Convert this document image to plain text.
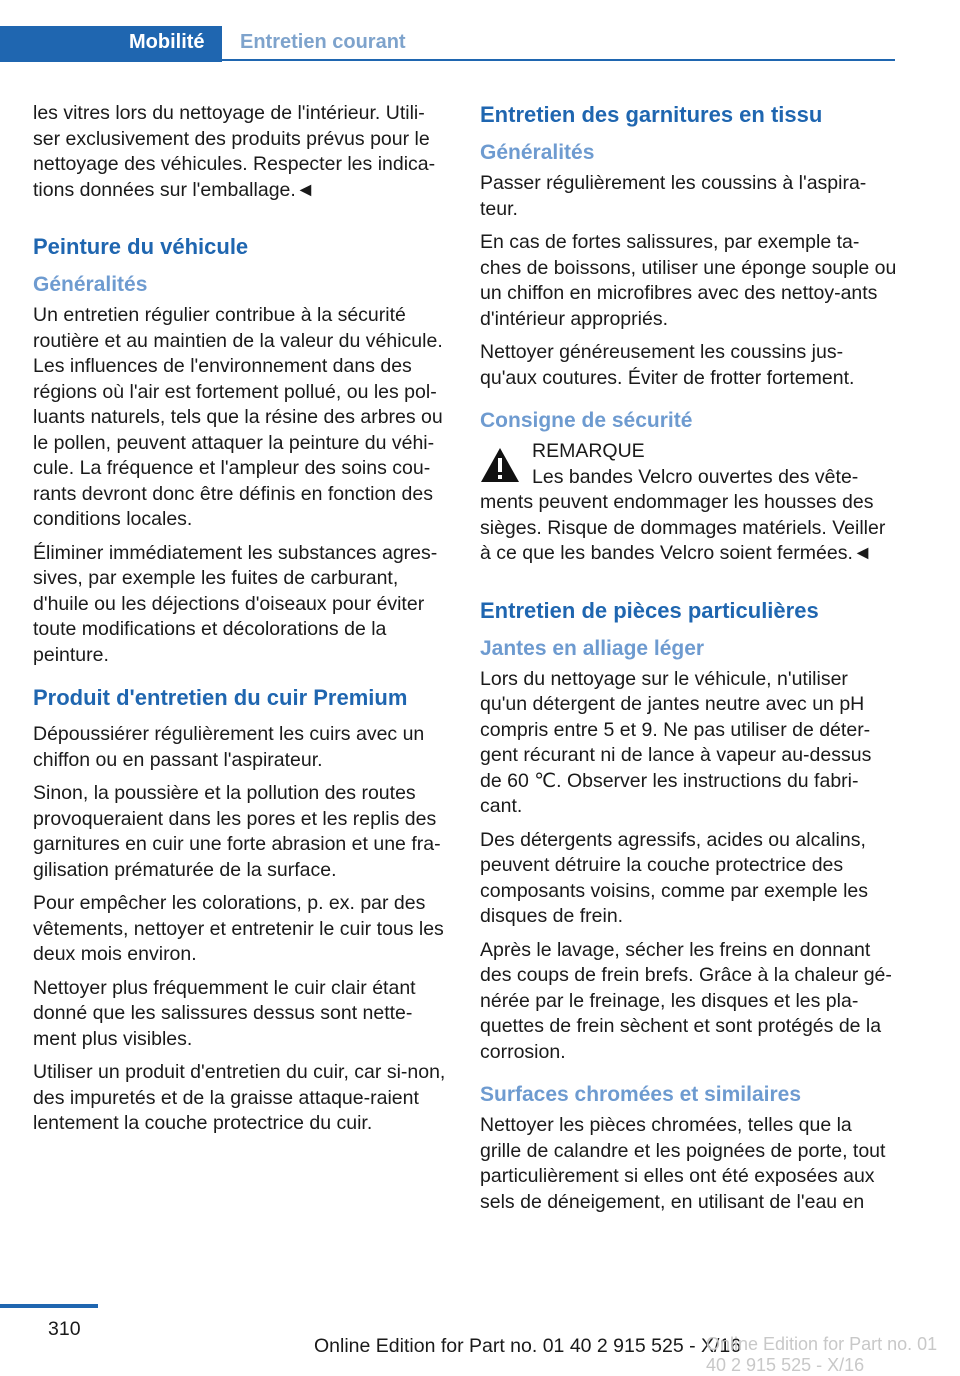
Mobilité Entretien courant

les vitres lors du nettoyage de l'intérieur. Utili-ser exclusivement des produits prévus pour le nettoyage des véhicules. Respecter les indica-tions données sur l'emballage.◄

Peinture du véhicule
Généralités

Un entretien régulier contribue à la sécurité routière et au maintien de la valeur du véhicule. Les influences de l'environnement dans des régions où l'air est fortement pollué, ou les pol-luants naturels, tels que la résine des arbres ou le pollen, peuvent attaquer la peinture du véhi-cule. La fréquence et l'ampleur des soins cou-rants devront donc être définis en fonction des conditions locales.

Éliminer immédiatement les substances agres-sives, par exemple les fuites de carburant, d'huile ou les déjections d'oiseaux pour éviter toute modifications et décolorations de la peinture.

Produit d'entretien du cuir Premium

Dépoussiérer régulièrement les cuirs avec un chiffon ou en passant l'aspirateur.

Sinon, la poussière et la pollution des routes provoqueraient dans les pores et les replis des garnitures en cuir une forte abrasion et une fra-gilisation prématurée de la surface.

Pour empêcher les colorations, p. ex. par des vêtements, nettoyer et entretenir le cuir tous les deux mois environ.

Nettoyer plus fréquemment le cuir clair étant donné que les salissures dessus sont nette-ment plus visibles.

Utiliser un produit d'entretien du cuir, car si-non, des impuretés et de la graisse attaque-raient lentement la couche protectrice du cuir.

Entretien des garnitures en tissu
Généralités

Passer régulièrement les coussins à l'aspira-teur.

En cas de fortes salissures, par exemple ta-ches de boissons, utiliser une éponge souple ou un chiffon en microfibres avec des nettoy-ants d'intérieur appropriés.

Nettoyer généreusement les coussins jus-qu'aux coutures. Éviter de frotter fortement.

Consigne de sécurité

REMARQUE

Les bandes Velcro ouvertes des vête-ments peuvent endommager les housses des sièges. Risque de dommages matériels. Veiller à ce que les bandes Velcro soient fermées.◄

Entretien de pièces particulières
Jantes en alliage léger

Lors du nettoyage sur le véhicule, n'utiliser qu'un détergent de jantes neutre avec un pH compris entre 5 et 9. Ne pas utiliser de déter-gent récurant ni de lance à vapeur au-dessus de 60 ℃. Observer les instructions du fabri-cant.

Des détergents agressifs, acides ou alcalins, peuvent détruire la couche protectrice des composants voisins, comme par exemple les disques de frein.

Après le lavage, sécher les freins en donnant des coups de frein brefs. Grâce à la chaleur gé-nérée par le freinage, les disques et les pla-quettes de frein sèchent et sont protégés de la corrosion.

Surfaces chromées et similaires

Nettoyer les pièces chromées, telles que la grille de calandre et les poignées de porte, tout particulièrement si elles ont été exposées aux sels de déneigement, en utilisant de l'eau en

310
Online Edition for Part no. 01 40 2 915 525 - X/16
Online Edition for Part no. 01 40 2 915 525 - X/16
